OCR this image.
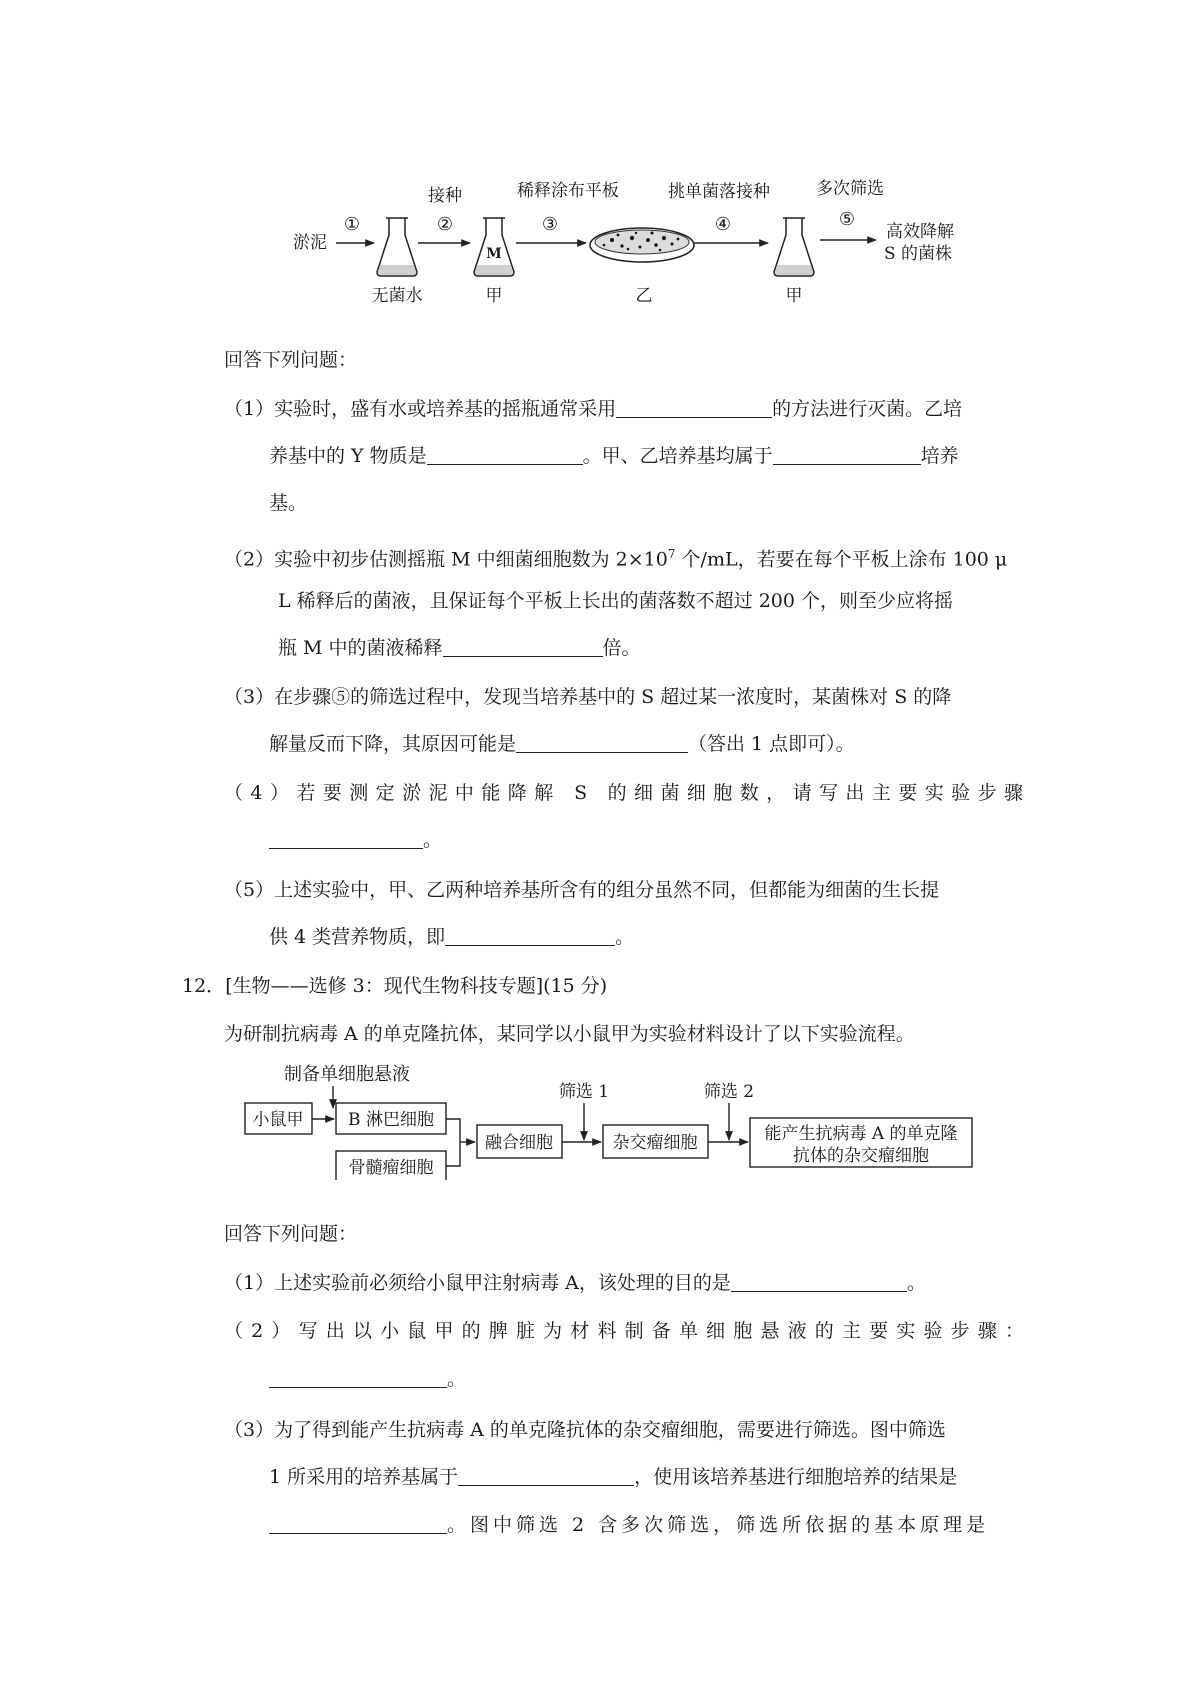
接种	稀释涂布平板	挑单菌落接种	多次筛选
淤泥
①	②	③	④	⑤
无菌水
M
甲	乙	甲
高效降解
S 的菌株
回答下列问题：
（1）实验时，盛有水或培养基的摇瓶通常采用	的方法进行灭菌。乙培
养基中的 Y 物质是	。甲、乙培养基均属于	培养
基。
（2）实验中初步估测摇瓶 M 中细菌细胞数为 $2\times 10^7$ 个/mL，若要在每个平板上涂布 100 μ
L 稀释后的菌液，且保证每个平板上长出的菌落数不超过 200 个，则至少应将摇
瓶 M 中的菌液稀释	倍。
（3）在步骤⑤的筛选过程中，发现当培养基中的 S 超过某一浓度时，某菌株对 S 的降
解量反而下降，其原因可能是	（答出 1 点即可）。
（4）若要测定淤泥中能降解 S 的细菌细胞数，请写出主要实验步骤
。
（5）上述实验中，甲、乙两种培养基所含有的组分虽然不同，但都能为细菌的生长提
供 4 类营养物质，即	。
12．[生物——选修 3：现代生物科技专题](15 分)
为研制抗病毒 A 的单克隆抗体，某同学以小鼠甲为实验材料设计了以下实验流程。
制备单细胞悬液
小鼠甲	B 淋巴细胞
骨髓瘤细胞
融合细胞	杂交瘤细胞	能产生抗病毒 A 的单克隆
抗体的杂交瘤细胞
筛选 1	筛选 2
回答下列问题：
（1）上述实验前必须给小鼠甲注射病毒 A，该处理的目的是	。
（2）写出以小鼠甲的脾脏为材料制备单细胞悬液的主要实验步骤：
。
（3）为了得到能产生抗病毒 A 的单克隆抗体的杂交瘤细胞，需要进行筛选。图中筛选
1 所采用的培养基属于	，使用该培养基进行细胞培养的结果是
。图中筛选 2 含多次筛选，筛选所依据的基本原理是
